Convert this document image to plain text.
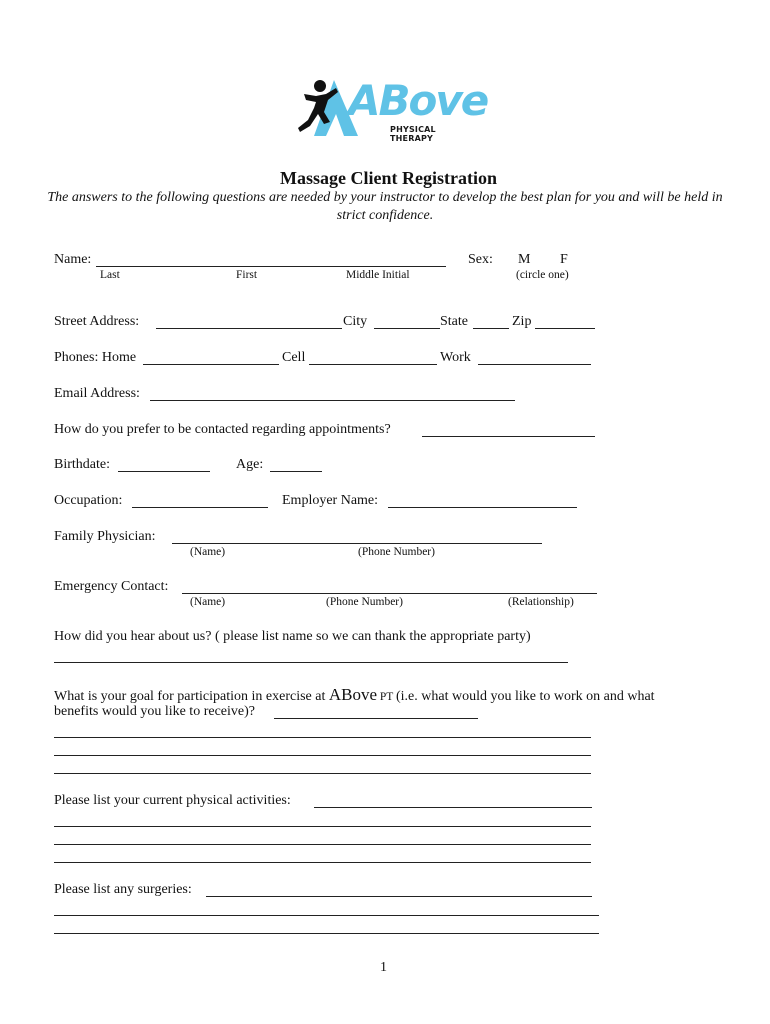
ABove
PHYSICAL THERAPY
Massage Client Registration
The answers to the following questions are needed by your instructor to develop the best plan for you and will be held in strict confidence.
Name:
Last	First	Middle Initial
Sex: M F
(circle one)
Street Address:	City	State	Zip
Phones: Home	Cell	Work
Email Address:
How do you prefer to be contacted regarding appointments?
Birthdate:	Age:
Occupation:	Employer Name:
Family Physician:
(Name)	(Phone Number)
Emergency Contact:
(Name)	(Phone Number)	(Relationship)
How did you hear about us? ( please list name so we can thank the appropriate party)
What is your goal for participation in exercise at ABove PT (i.e. what would you like to work on and what
benefits would you like to receive)?
Please list your current physical activities:
Please list any surgeries:
1
